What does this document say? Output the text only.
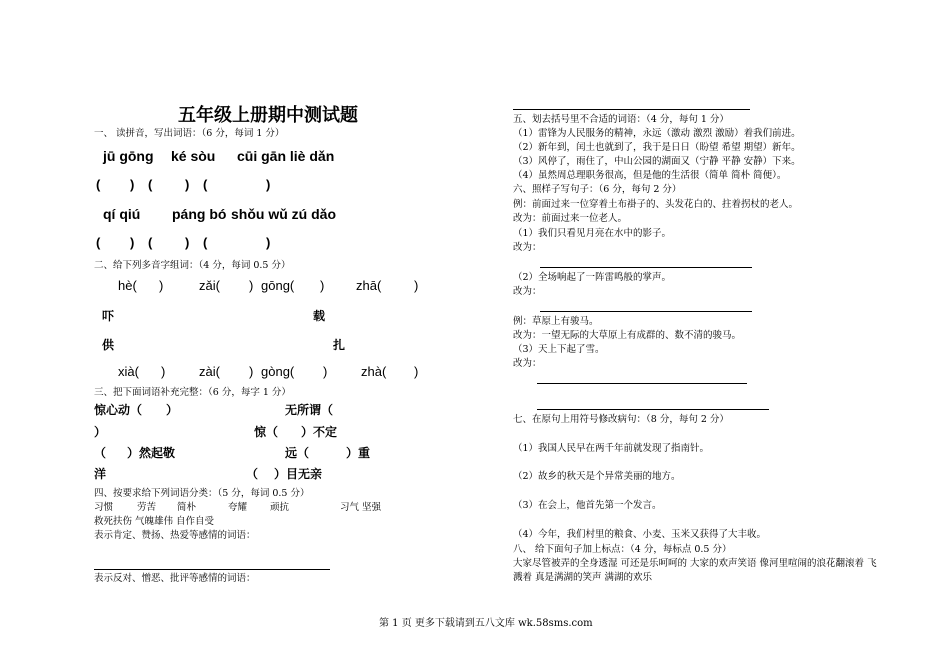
五年级上册期中测试题
一、 读拼音，写出词语：（6 分，每词 1 分）
jū gōng ké sòu cūi gān liè dǎn
( ) (	) (	)
qí qiú páng bó shǒu wǔ zú dǎo
( ) (	) (	)
二、给下列多音字组词：（4 分，每词 0.5 分）
hè( )	zǎi( ) gōng( ) zhā(	)
吓	载
供	扎
xià( )	zài( ) gòng( )	zhà( )
三、把下面词语补充完整：（6 分，每字 1 分）
惊心动（ ）	无所谓（
）	惊（ ）不定
（ ）然起敬	远（	）重
洋	（ ）目无亲
四、按要求给下列词语分类：（5 分，每词 0.5 分）
习惯	劳苦 简朴	夸耀 顽抗	习气 坚强
救死扶伤 气魄雄伟 自作自受
表示肯定、赞扬、热爱等感情的词语：
表示反对、憎恶、批评等感情的词语：
五、划去括号里不合适的词语：（4 分，每句 1 分）
（1）雷锋为人民服务的精神，永远（激动 激烈 激励）着我们前进。
（2）新年到，闰土也就到了，我于是日日（盼望 希望 期望）新年。
（3）风停了，雨住了，中山公园的湖面又（宁静 平静 安静）下来。
（4）虽然周总理职务很高，但是他的生活很（简单 简朴 简便）。
六、照样子写句子：（6 分，每句 2 分）
例：前面过来一位穿着土布褂子的、头发花白的、拄着拐杖的老人。
改为：前面过来一位老人。
（1）我们只看见月亮在水中的影子。
改为：
（2）全场响起了一阵雷鸣般的掌声。
改为：
例：草原上有骏马。
改为：一望无际的大草原上有成群的、数不清的骏马。
（3）天上下起了雪。
改为：
七、在原句上用符号修改病句：（8 分，每句 2 分）
（1）我国人民早在两千年前就发现了指南针。
（2）故乡的秋天是个异常美丽的地方。
（3）在会上，他首先第一个发言。
（4）今年，我们村里的粮食、小麦、玉米又获得了大丰收。
八、 给下面句子加上标点：（4 分，每标点 0.5 分）
大家尽管被弄的全身透湿 可还是乐呵呵的 大家的欢声笑语 像河里喧闹的浪花翻滚着 飞
溅着 真是满湖的笑声 满湖的欢乐
第 1 页 更多下载请到五八文库 wk.58sms.com
